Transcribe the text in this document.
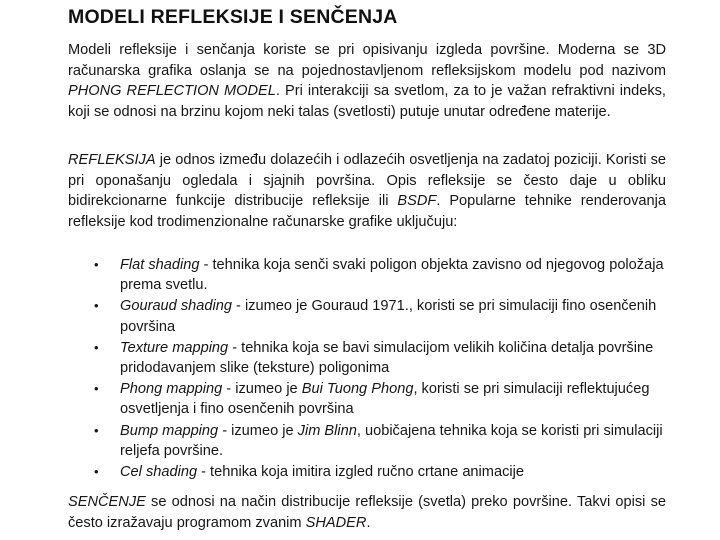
MODELI REFLEKSIJE I SENČENJA

Modeli refleksije i senčanja koriste se pri opisivanju izgleda površine. Moderna se 3D računarska grafika oslanja se na pojednostavljenom refleksijskom modelu pod nazivom PHONG REFLECTION MODEL. Pri interakciji sa svetlom, za to je važan refraktivni indeks, koji se odnosi na brzinu kojom neki talas (svetlosti) putuje unutar određene materije.

REFLEKSIJA je odnos između dolazećih i odlazećih osvetljenja na zadatoj poziciji. Koristi se pri oponašanju ogledala i sjajnih površina. Opis refleksije se često daje u obliku bidirekcionarne funkcije distribucije refleksije ili BSDF. Popularne tehnike renderovanja refleksije kod trodimenzionalne računarske grafike uključuju:

• Flat shading - tehnika koja senči svaki poligon objekta zavisno od njegovog položaja prema svetlu.
• Gouraud shading - izumeo je Gouraud 1971., koristi se pri simulaciji fino osenčenih površina
• Texture mapping - tehnika koja se bavi simulacijom velikih količina detalja površine pridodavanjem slike (teksture) poligonima
• Phong mapping - izumeo je Bui Tuong Phong, koristi se pri simulaciji reflektujućeg osvetljenja i fino osenčenih površina
• Bump mapping - izumeo je Jim Blinn, uobičajena tehnika koja se koristi pri simulaciji reljefa površine.
• Cel shading - tehnika koja imitira izgled ručno crtane animacije

SENČENJE se odnosi na način distribucije refleksije (svetla) preko površine. Takvi opisi se često izražavaju programom zvanim SHADER.
